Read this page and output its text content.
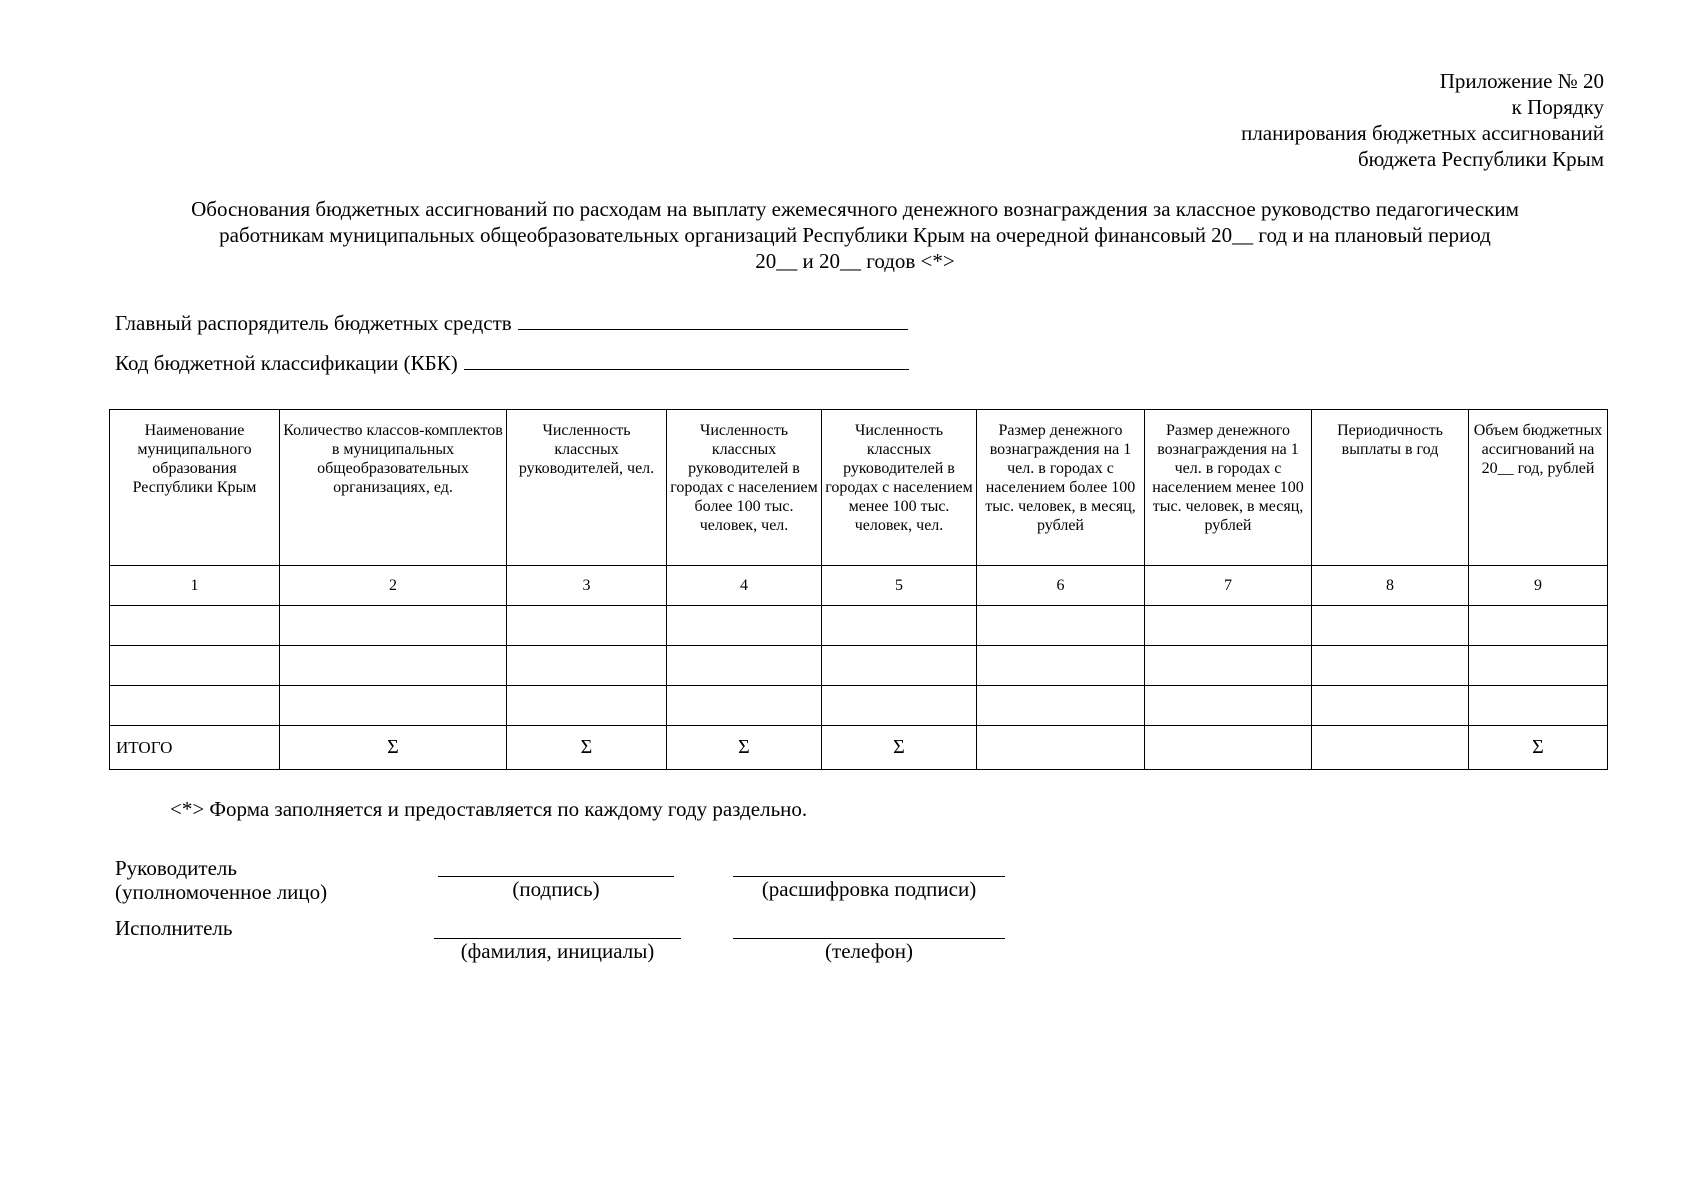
Приложение № 20
к Порядку
планирования бюджетных ассигнований
бюджета Республики Крым
Обоснования бюджетных ассигнований по расходам на выплату ежемесячного денежного вознаграждения за классное руководство педагогическим
работникам муниципальных общеобразовательных организаций Республики Крым на очередной финансовый 20__ год и на плановый период
20__ и 20__ годов <*>
Главный распорядитель бюджетных средств
Код бюджетной классификации (КБК)
Наименование муниципального образования Республики Крым	Количество классов-комплектов в муниципальных общеобразовательных организациях, ед.	Численность классных руководителей, чел.	Численность классных руководителей в городах с населением более 100 тыс. человек, чел.	Численность классных руководителей в городах с населением менее 100 тыс. человек, чел.	Размер денежного вознаграждения на 1 чел. в городах с населением более 100 тыс. человек, в месяц, рублей	Размер денежного вознаграждения на 1 чел. в городах с населением менее 100 тыс. человек, в месяц, рублей	Периодичность выплаты в год	Объем бюджетных ассигнований на 20__ год, рублей
1	2	3	4	5	6	7	8	9

ИТОГО	Σ	Σ	Σ	Σ				Σ
<*> Форма заполняется и предоставляется по каждому году раздельно.
Руководитель
(уполномоченное лицо)	(подпись)	(расшифровка подписи)
Исполнитель
(фамилия, инициалы)	(телефон)
